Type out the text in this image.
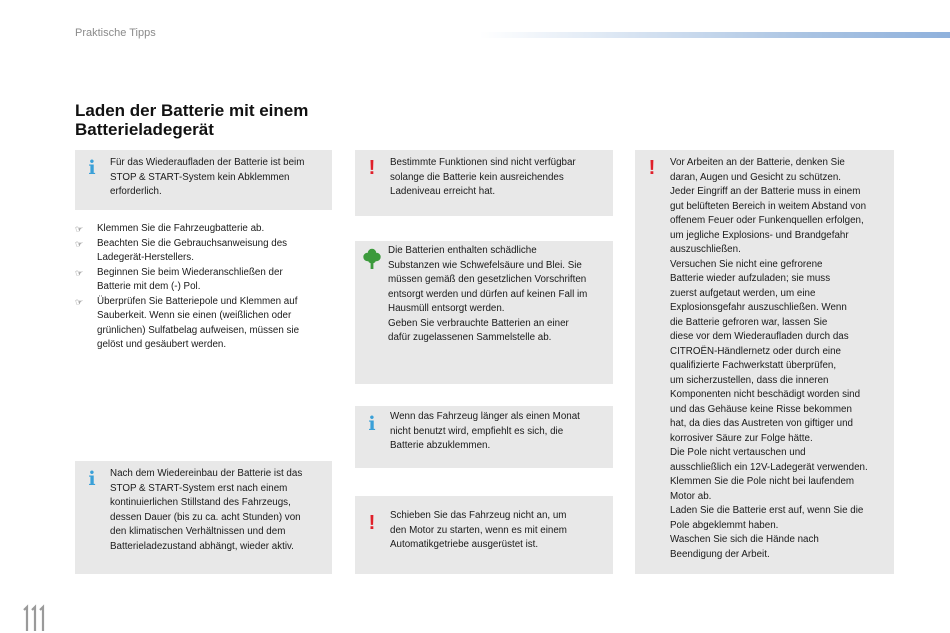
Praktische Tipps
Laden der Batterie mit einem
Batterieladegerät
i	Für das Wiederaufladen der Batterie ist beim

STOP & START-System kein Abklemmen

erforderlich.

☞ Klemmen Sie die Fahrzeugbatterie ab.
☞ Beachten Sie die Gebrauchsanweisung des
Ladegerät-Herstellers.
☞ Beginnen Sie beim Wiederanschließen der
Batterie mit dem (-) Pol.
☞ Überprüfen Sie Batteriepole und Klemmen auf
Sauberkeit. Wenn sie einen (weißlichen oder
grünlichen) Sulfatbelag aufweisen, müssen sie
gelöst und gesäubert werden.
i	Nach dem Wiedereinbau der Batterie ist das

STOP & START-System erst nach einem

kontinuierlichen Stillstand des Fahrzeugs,

dessen Dauer (bis zu ca. acht Stunden) von

den klimatischen Verhältnissen und dem

Batterieladezustand abhängt, wieder aktiv.

!	Bestimmte Funktionen sind nicht verfügbar

solange die Batterie kein ausreichendes

Ladeniveau erreicht hat.

Die Batterien enthalten schädliche

Substanzen wie Schwefelsäure und Blei. Sie

müssen gemäß den gesetzlichen Vorschriften

entsorgt werden und dürfen auf keinen Fall im

Hausmüll entsorgt werden.

Geben Sie verbrauchte Batterien an einer

dafür zugelassenen Sammelstelle ab.

i	Wenn das Fahrzeug länger als einen Monat

nicht benutzt wird, empfiehlt es sich, die

Batterie abzuklemmen.

!	Schieben Sie das Fahrzeug nicht an, um

den Motor zu starten, wenn es mit einem

Automatikgetriebe ausgerüstet ist.

!	Vor Arbeiten an der Batterie, denken Sie

daran, Augen und Gesicht zu schützen.

Jeder Eingriff an der Batterie muss in einem

gut belüfteten Bereich in weitem Abstand von

offenem Feuer oder Funkenquellen erfolgen,

um jegliche Explosions- und Brandgefahr

auszuschließen.

Versuchen Sie nicht eine gefrorene

Batterie wieder aufzuladen; sie muss

zuerst aufgetaut werden, um eine

Explosionsgefahr auszuschließen. Wenn

die Batterie gefroren war, lassen Sie

diese vor dem Wiederaufladen durch das

CITROËN-Händlernetz oder durch eine

qualifizierte Fachwerkstatt überprüfen,

um sicherzustellen, dass die inneren

Komponenten nicht beschädigt worden sind

und das Gehäuse keine Risse bekommen

hat, da dies das Austreten von giftiger und

korrosiver Säure zur Folge hätte.

Die Pole nicht vertauschen und

ausschließlich ein 12V-Ladegerät verwenden.

Klemmen Sie die Pole nicht bei laufendem

Motor ab.

Laden Sie die Batterie erst auf, wenn Sie die

Pole abgeklemmt haben.

Waschen Sie sich die Hände nach

Beendigung der Arbeit.
